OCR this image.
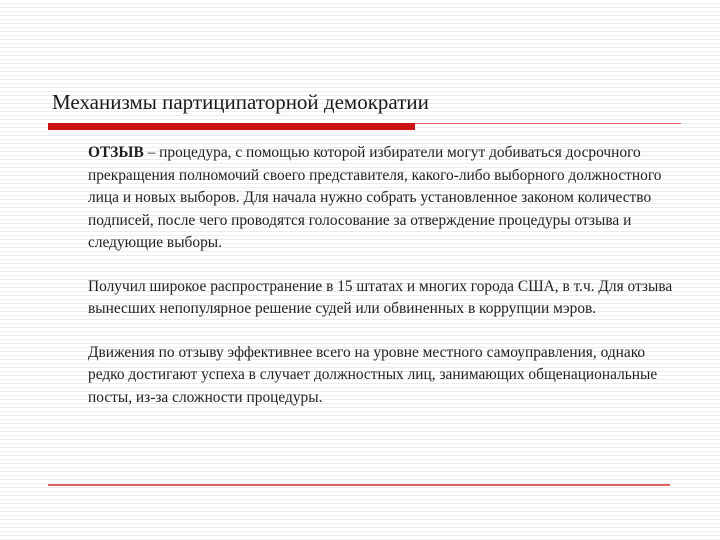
Механизмы партиципаторной демократии

ОТЗЫВ – процедура, с помощью которой избиратели могут добиваться досрочного прекращения полномочий своего представителя, какого-либо выборного должностного лица и новых выборов. Для начала нужно собрать установленное законом количество подписей, после чего проводятся голосование за отверждение процедуры отзыва и следующие выборы.

Получил широкое распространение в 15 штатах и многих города США, в т.ч. Для отзыва вынесших непопулярное решение судей или обвиненных в коррупции мэров.

Движения по отзыву эффективнее всего на уровне местного самоуправления, однако редко достигают успеха в случает должностных лиц, занимающих общенациональные посты, из-за сложности процедуры.
